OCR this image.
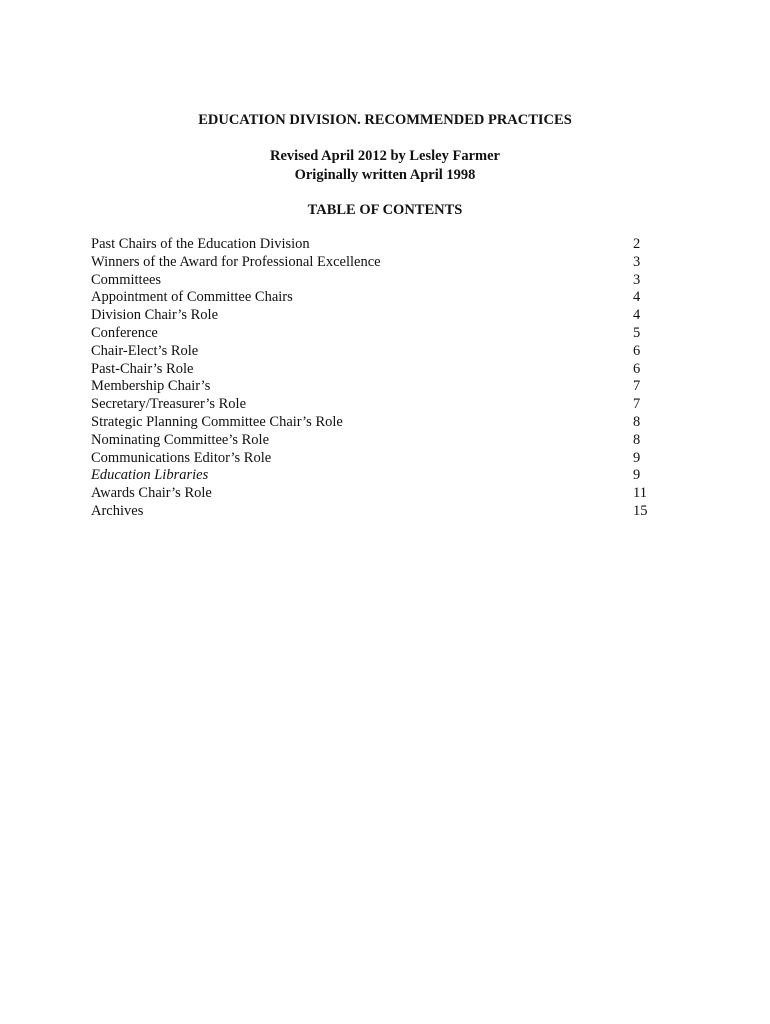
EDUCATION DIVISION. RECOMMENDED PRACTICES
Revised April 2012 by Lesley Farmer
Originally written April 1998
TABLE OF CONTENTS
Past Chairs of the Education Division	2
Winners of the Award for Professional Excellence	3
Committees	3
Appointment of Committee Chairs	4
Division Chair’s Role	4
Conference	5
Chair-Elect’s Role	6
Past-Chair’s Role	6
Membership Chair’s	7
Secretary/Treasurer’s Role	7
Strategic Planning Committee Chair’s Role	8
Nominating Committee’s Role	8
Communications Editor’s Role	9
Education Libraries	9
Awards Chair’s Role	11
Archives	15
